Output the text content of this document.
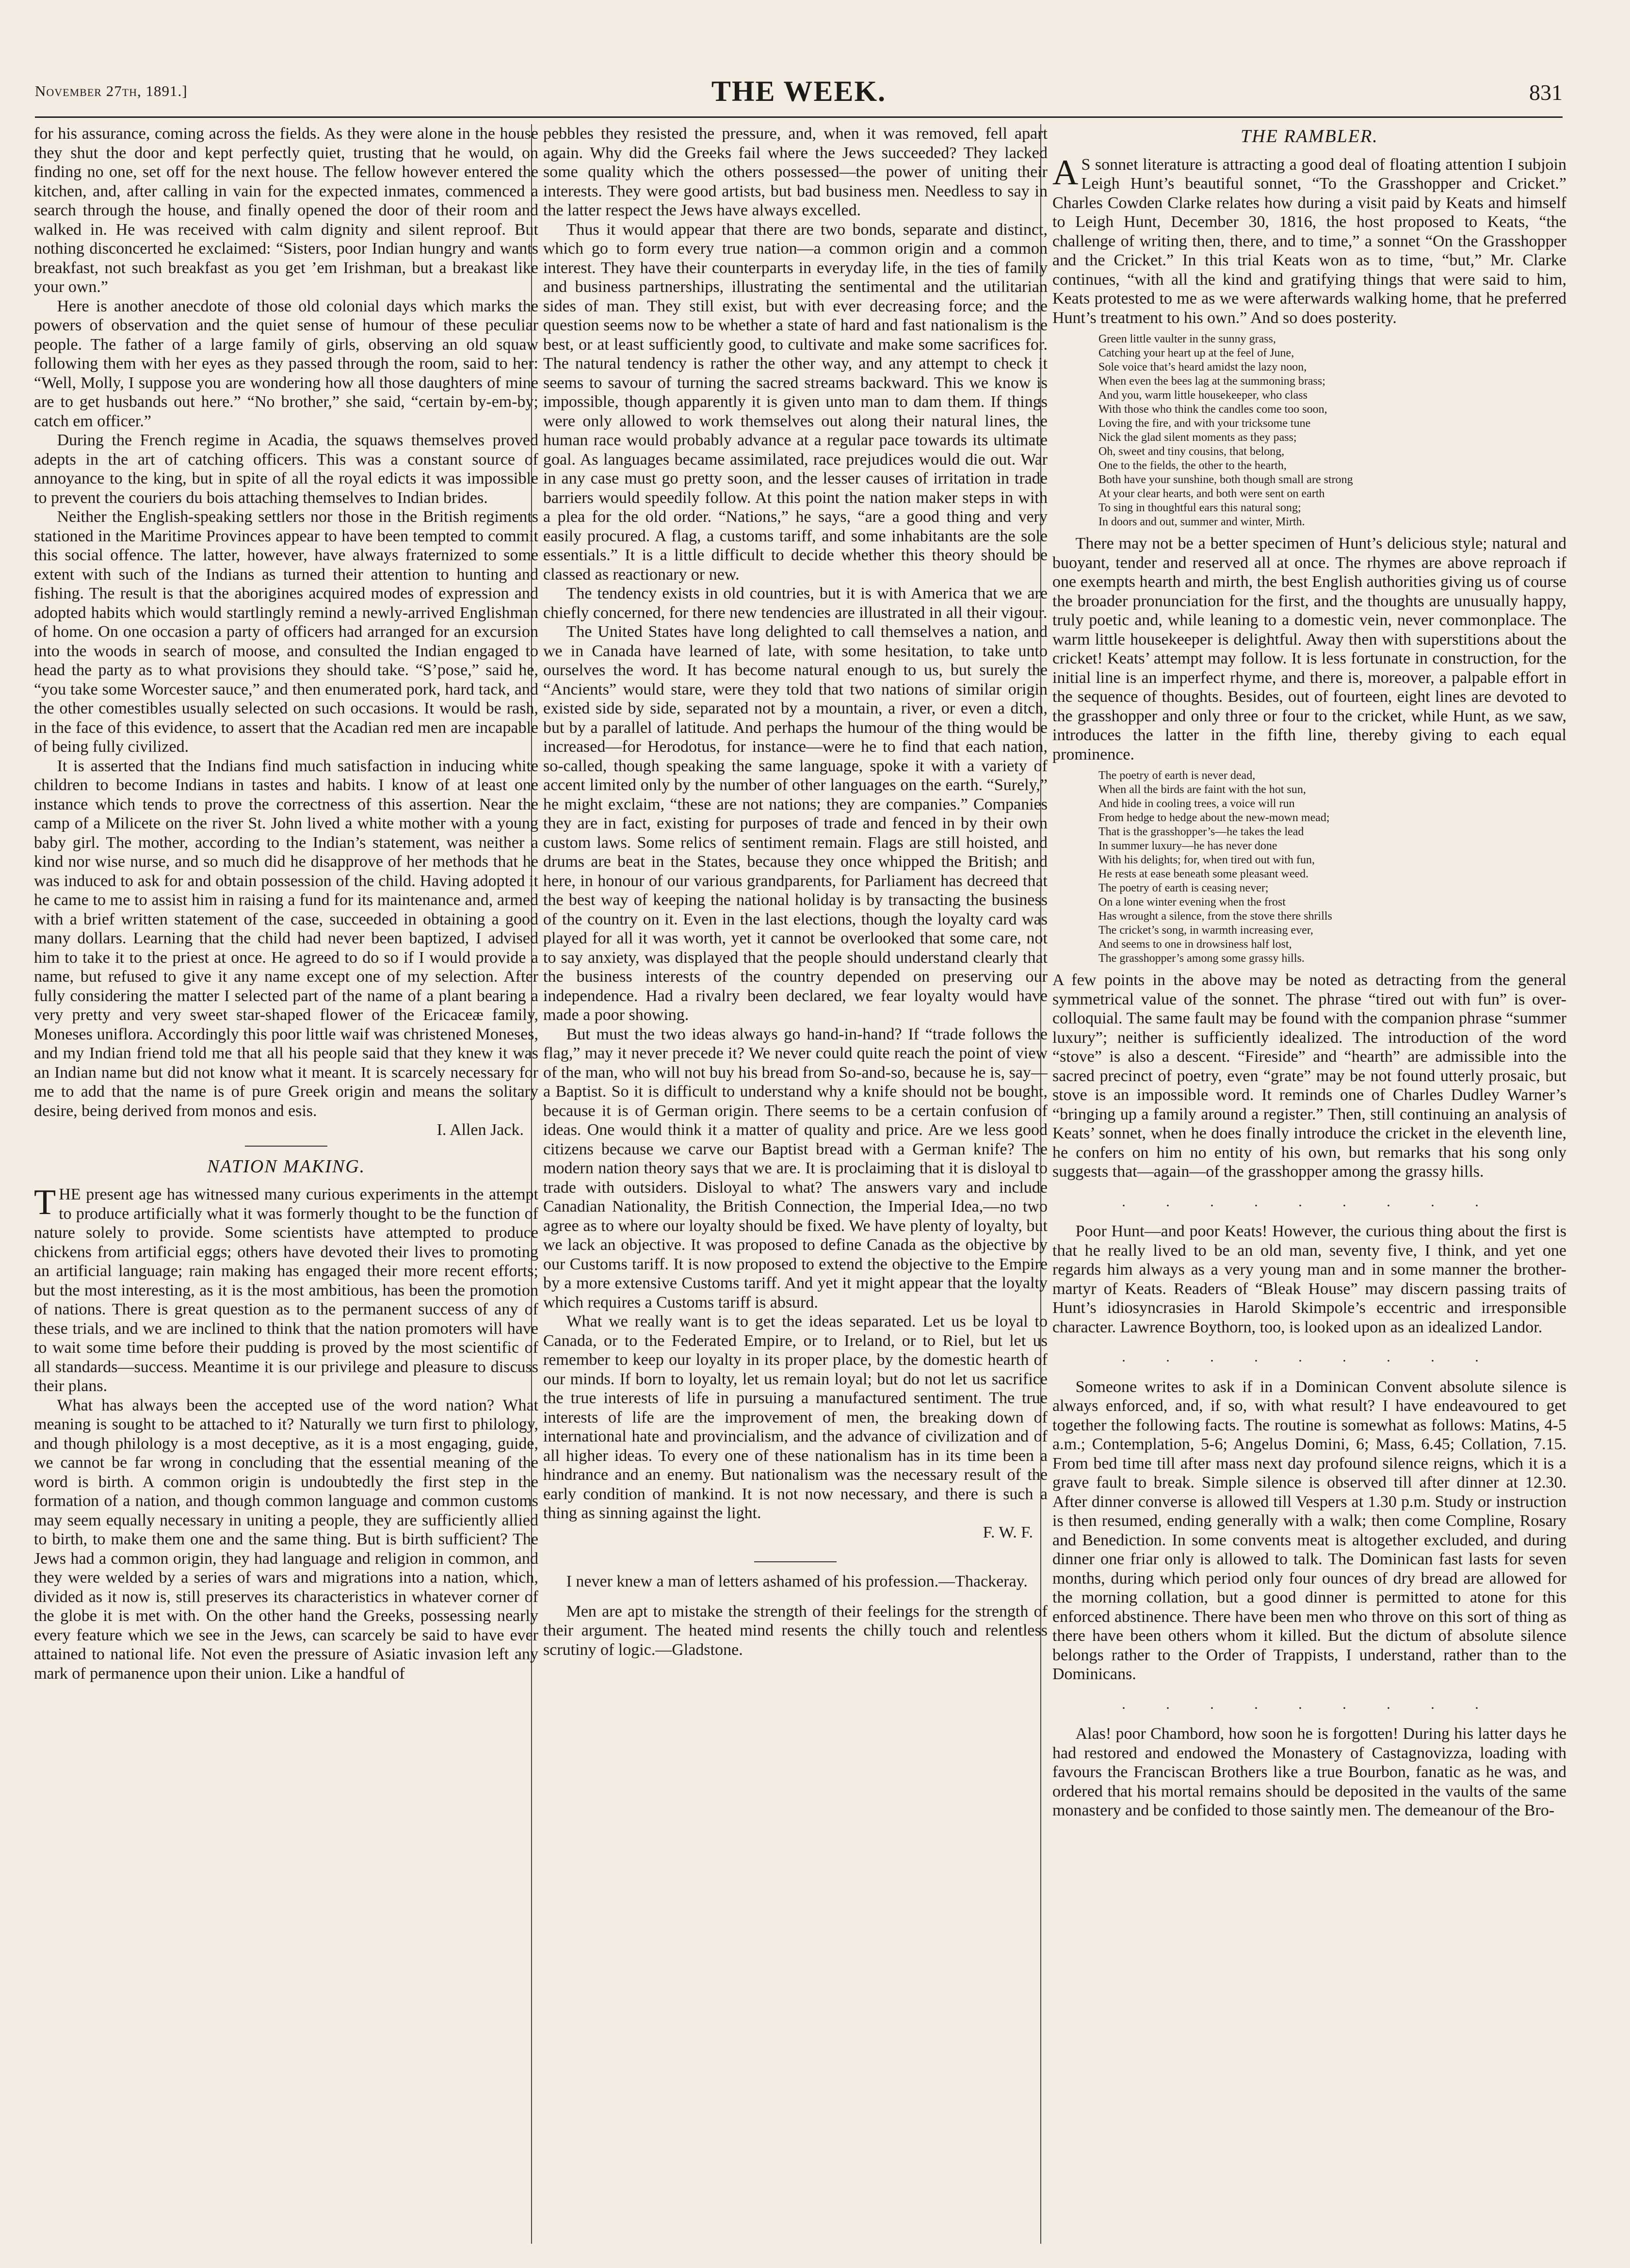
November 27th, 1891.]	THE WEEK.	831

for his assurance, coming across the fields. As they were alone in the house they shut the door and kept perfectly quiet, trusting that he would, on finding no one, set off for the next house. The fellow however entered the kitchen, and, after calling in vain for the expected inmates, commenced a search through the house, and finally opened the door of their room and walked in. He was received with calm dignity and silent reproof. But nothing disconcerted he exclaimed: “Sisters, poor Indian hungry and wants breakfast, not such breakfast as you get ’em Irishman, but a breakast like your own.”

Here is another anecdote of those old colonial days which marks the powers of observation and the quiet sense of humour of these peculiar people. The father of a large family of girls, observing an old squaw following them with her eyes as they passed through the room, said to her: “Well, Molly, I suppose you are wondering how all those daughters of mine are to get husbands out here.” “No brother,” she said, “certain by-em-by; catch em officer.”

During the French regime in Acadia, the squaws themselves proved adepts in the art of catching officers. This was a constant source of annoyance to the king, but in spite of all the royal edicts it was impossible to prevent the couriers du bois attaching themselves to Indian brides.

Neither the English-speaking settlers nor those in the British regiments stationed in the Maritime Provinces appear to have been tempted to commit this social offence. The latter, however, have always fraternized to some extent with such of the Indians as turned their attention to hunting and fishing. The result is that the aborigines acquired modes of expression and adopted habits which would startlingly remind a newly-arrived Englishman of home. On one occasion a party of officers had arranged for an excursion into the woods in search of moose, and consulted the Indian engaged to head the party as to what provisions they should take. “S’pose,” said he, “you take some Worcester sauce,” and then enumerated pork, hard tack, and the other comestibles usually selected on such occasions. It would be rash, in the face of this evidence, to assert that the Acadian red men are incapable of being fully civilized.

It is asserted that the Indians find much satisfaction in inducing white children to become Indians in tastes and habits. I know of at least one instance which tends to prove the correctness of this assertion. Near the camp of a Milicete on the river St. John lived a white mother with a young baby girl. The mother, according to the Indian’s statement, was neither a kind nor wise nurse, and so much did he disapprove of her methods that he was induced to ask for and obtain possession of the child. Having adopted it he came to me to assist him in raising a fund for its maintenance and, armed with a brief written statement of the case, succeeded in obtaining a good many dollars. Learning that the child had never been baptized, I advised him to take it to the priest at once. He agreed to do so if I would provide a name, but refused to give it any name except one of my selection. After fully considering the matter I selected part of the name of a plant bearing a very pretty and very sweet star-shaped flower of the Ericaceæ family, Moneses uniflora. Accordingly this poor little waif was christened Moneses, and my Indian friend told me that all his people said that they knew it was an Indian name but did not know what it meant. It is scarcely necessary for me to add that the name is of pure Greek origin and means the solitary desire, being derived from monos and esis.

I. Allen Jack.

NATION MAKING.

THE present age has witnessed many curious experiments in the attempt to produce artificially what it was formerly thought to be the function of nature solely to provide. Some scientists have attempted to produce chickens from artificial eggs; others have devoted their lives to promoting an artificial language; rain making has engaged their more recent efforts; but the most interesting, as it is the most ambitious, has been the promotion of nations. There is great question as to the permanent success of any of these trials, and we are inclined to think that the nation promoters will have to wait some time before their pudding is proved by the most scientific of all standards—success. Meantime it is our privilege and pleasure to discuss their plans.

What has always been the accepted use of the word nation? What meaning is sought to be attached to it? Naturally we turn first to philology, and though philology is a most deceptive, as it is a most engaging, guide, we cannot be far wrong in concluding that the essential meaning of the word is birth. A common origin is undoubtedly the first step in the formation of a nation, and though common language and common customs may seem equally necessary in uniting a people, they are sufficiently allied to birth, to make them one and the same thing. But is birth sufficient? The Jews had a common origin, they had language and religion in common, and they were welded by a series of wars and migrations into a nation, which, divided as it now is, still preserves its characteristics in whatever corner of the globe it is met with. On the other hand the Greeks, possessing nearly every feature which we see in the Jews, can scarcely be said to have ever attained to national life. Not even the pressure of Asiatic invasion left any mark of permanence upon their union. Like a handful of

pebbles they resisted the pressure, and, when it was removed, fell apart again. Why did the Greeks fail where the Jews succeeded? They lacked some quality which the others possessed—the power of uniting their interests. They were good artists, but bad business men. Needless to say in the latter respect the Jews have always excelled.

Thus it would appear that there are two bonds, separate and distinct, which go to form every true nation—a common origin and a common interest. They have their counterparts in everyday life, in the ties of family and business partnerships, illustrating the sentimental and the utilitarian sides of man. They still exist, but with ever decreasing force; and the question seems now to be whether a state of hard and fast nationalism is the best, or at least sufficiently good, to cultivate and make some sacrifices for. The natural tendency is rather the other way, and any attempt to check it seems to savour of turning the sacred streams backward. This we know is impossible, though apparently it is given unto man to dam them. If things were only allowed to work themselves out along their natural lines, the human race would probably advance at a regular pace towards its ultimate goal. As languages became assimilated, race prejudices would die out. War in any case must go pretty soon, and the lesser causes of irritation in trade barriers would speedily follow. At this point the nation maker steps in with a plea for the old order. “Nations,” he says, “are a good thing and very easily procured. A flag, a customs tariff, and some inhabitants are the sole essentials.” It is a little difficult to decide whether this theory should be classed as reactionary or new.

The tendency exists in old countries, but it is with America that we are chiefly concerned, for there new tendencies are illustrated in all their vigour.

The United States have long delighted to call themselves a nation, and we in Canada have learned of late, with some hesitation, to take unto ourselves the word. It has become natural enough to us, but surely the “Ancients” would stare, were they told that two nations of similar origin existed side by side, separated not by a mountain, a river, or even a ditch, but by a parallel of latitude. And perhaps the humour of the thing would be increased—for Herodotus, for instance—were he to find that each nation, so-called, though speaking the same language, spoke it with a variety of accent limited only by the number of other languages on the earth. “Surely,” he might exclaim, “these are not nations; they are companies.” Companies they are in fact, existing for purposes of trade and fenced in by their own custom laws. Some relics of sentiment remain. Flags are still hoisted, and drums are beat in the States, because they once whipped the British; and here, in honour of our various grandparents, for Parliament has decreed that the best way of keeping the national holiday is by transacting the business of the country on it. Even in the last elections, though the loyalty card was played for all it was worth, yet it cannot be overlooked that some care, not to say anxiety, was displayed that the people should understand clearly that the business interests of the country depended on preserving our independence. Had a rivalry been declared, we fear loyalty would have made a poor showing.

But must the two ideas always go hand-in-hand? If “trade follows the flag,” may it never precede it? We never could quite reach the point of view of the man, who will not buy his bread from So-and-so, because he is, say—a Baptist. So it is difficult to understand why a knife should not be bought, because it is of German origin. There seems to be a certain confusion of ideas. One would think it a matter of quality and price. Are we less good citizens because we carve our Baptist bread with a German knife? The modern nation theory says that we are. It is proclaiming that it is disloyal to trade with outsiders. Disloyal to what? The answers vary and include Canadian Nationality, the British Connection, the Imperial Idea,—no two agree as to where our loyalty should be fixed. We have plenty of loyalty, but we lack an objective. It was proposed to define Canada as the objective by our Customs tariff. It is now proposed to extend the objective to the Empire by a more extensive Customs tariff. And yet it might appear that the loyalty which requires a Customs tariff is absurd.

What we really want is to get the ideas separated. Let us be loyal to Canada, or to the Federated Empire, or to Ireland, or to Riel, but let us remember to keep our loyalty in its proper place, by the domestic hearth of our minds. If born to loyalty, let us remain loyal; but do not let us sacrifice the true interests of life in pursuing a manufactured sentiment. The true interests of life are the improvement of men, the breaking down of international hate and provincialism, and the advance of civilization and of all higher ideas. To every one of these nationalism has in its time been a hindrance and an enemy. But nationalism was the necessary result of the early condition of mankind. It is not now necessary, and there is such a thing as sinning against the light.

F. W. F.

I never knew a man of letters ashamed of his profession.—Thackeray.

Men are apt to mistake the strength of their feelings for the strength of their argument. The heated mind resents the chilly touch and relentless scrutiny of logic.—Gladstone.

THE RAMBLER.

A S sonnet literature is attracting a good deal of floating attention I subjoin Leigh Hunt’s beautiful sonnet, “To the Grasshopper and Cricket.” Charles Cowden Clarke relates how during a visit paid by Keats and himself to Leigh Hunt, December 30, 1816, the host proposed to Keats, “the challenge of writing then, there, and to time,” a sonnet “On the Grasshopper and the Cricket.” In this trial Keats won as to time, “but,” Mr. Clarke continues, “with all the kind and gratifying things that were said to him, Keats protested to me as we were afterwards walking home, that he preferred Hunt’s treatment to his own.” And so does posterity.

Green little vaulter in the sunny grass,
Catching your heart up at the feel of June,
Sole voice that’s heard amidst the lazy noon,
When even the bees lag at the summoning brass;
And you, warm little housekeeper, who class
With those who think the candles come too soon,
Loving the fire, and with your tricksome tune
Nick the glad silent moments as they pass;
Oh, sweet and tiny cousins, that belong,
One to the fields, the other to the hearth,
Both have your sunshine, both though small are strong
At your clear hearts, and both were sent on earth
To sing in thoughtful ears this natural song;
In doors and out, summer and winter, Mirth.

There may not be a better specimen of Hunt’s delicious style; natural and buoyant, tender and reserved all at once. The rhymes are above reproach if one exempts hearth and mirth, the best English authorities giving us of course the broader pronunciation for the first, and the thoughts are unusually happy, truly poetic and, while leaning to a domestic vein, never commonplace. The warm little housekeeper is delightful. Away then with superstitions about the cricket! Keats’ attempt may follow. It is less fortunate in construction, for the initial line is an imperfect rhyme, and there is, moreover, a palpable effort in the sequence of thoughts. Besides, out of fourteen, eight lines are devoted to the grasshopper and only three or four to the cricket, while Hunt, as we saw, introduces the latter in the fifth line, thereby giving to each equal prominence.

The poetry of earth is never dead,
When all the birds are faint with the hot sun,
And hide in cooling trees, a voice will run
From hedge to hedge about the new-mown mead;
That is the grasshopper’s—he takes the lead
In summer luxury—he has never done
With his delights; for, when tired out with fun,
He rests at ease beneath some pleasant weed.
The poetry of earth is ceasing never;
On a lone winter evening when the frost
Has wrought a silence, from the stove there shrills
The cricket’s song, in warmth increasing ever,
And seems to one in drowsiness half lost,
The grasshopper’s among some grassy hills.

A few points in the above may be noted as detracting from the general symmetrical value of the sonnet. The phrase “tired out with fun” is over-colloquial. The same fault may be found with the companion phrase “summer luxury”; neither is sufficiently idealized. The introduction of the word “stove” is also a descent. “Fireside” and “hearth” are admissible into the sacred precinct of poetry, even “grate” may be not found utterly prosaic, but stove is an impossible word. It reminds one of Charles Dudley Warner’s “bringing up a family around a register.” Then, still continuing an analysis of Keats’ sonnet, when he does finally introduce the cricket in the eleventh line, he confers on him no entity of his own, but remarks that his song only suggests that—again—of the grasshopper among the grassy hills.

. . . . . . . . .

Poor Hunt—and poor Keats! However, the curious thing about the first is that he really lived to be an old man, seventy five, I think, and yet one regards him always as a very young man and in some manner the brother-martyr of Keats. Readers of “Bleak House” may discern passing traits of Hunt’s idiosyncrasies in Harold Skimpole’s eccentric and irresponsible character. Lawrence Boythorn, too, is looked upon as an idealized Landor.

. . . . . . . . .

Someone writes to ask if in a Dominican Convent absolute silence is always enforced, and, if so, with what result? I have endeavoured to get together the following facts. The routine is somewhat as follows: Matins, 4-5 a.m.; Contemplation, 5-6; Angelus Domini, 6; Mass, 6.45; Collation, 7.15. From bed time till after mass next day profound silence reigns, which it is a grave fault to break. Simple silence is observed till after dinner at 12.30. After dinner converse is allowed till Vespers at 1.30 p.m. Study or instruction is then resumed, ending generally with a walk; then come Compline, Rosary and Benediction. In some convents meat is altogether excluded, and during dinner one friar only is allowed to talk. The Dominican fast lasts for seven months, during which period only four ounces of dry bread are allowed for the morning collation, but a good dinner is permitted to atone for this enforced abstinence. There have been men who throve on this sort of thing as there have been others whom it killed. But the dictum of absolute silence belongs rather to the Order of Trappists, I understand, rather than to the Dominicans.

. . . . . . . . .

Alas! poor Chambord, how soon he is forgotten! During his latter days he had restored and endowed the Monastery of Castagnovizza, loading with favours the Franciscan Brothers like a true Bourbon, fanatic as he was, and ordered that his mortal remains should be deposited in the vaults of the same monastery and be confided to those saintly men. The demeanour of the Bro-
